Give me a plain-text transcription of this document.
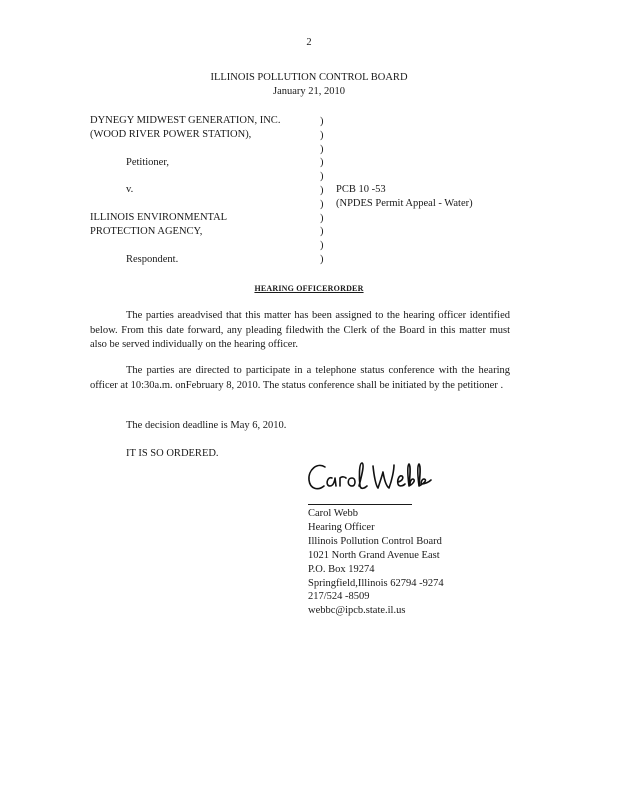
2
ILLINOIS POLLUTION CONTROL BOARD
January 21, 2010
DYNEGY MIDWEST GENERATION, INC.
(WOOD RIVER POWER STATION),
Petitioner,
v.
ILLINOIS ENVIRONMENTAL
PROTECTION AGENCY,
Respondent.
)
)
)
)
)
)
)
)
)
)
)
PCB 10 -53
(NPDES Permit Appeal - Water)
HEARING OFFICERORDER
The parties areadvised that this matter has been assigned to the hearing officer identified below. From this date forward, any pleading filedwith the Clerk of the Board in this matter must also be served individually on the hearing officer.
The parties are directed to participate in a telephone status conference with the hearing officer at 10:30a.m. onFebruary 8, 2010. The status conference shall be initiated by the petitioner .
The decision deadline is May 6, 2010.
IT IS SO ORDERED.
Carol Webb
Hearing Officer
Illinois Pollution Control Board
1021 North Grand Avenue East
P.O. Box 19274
Springfield,Illinois 62794 -9274
217/524 -8509
webbc@ipcb.state.il.us
